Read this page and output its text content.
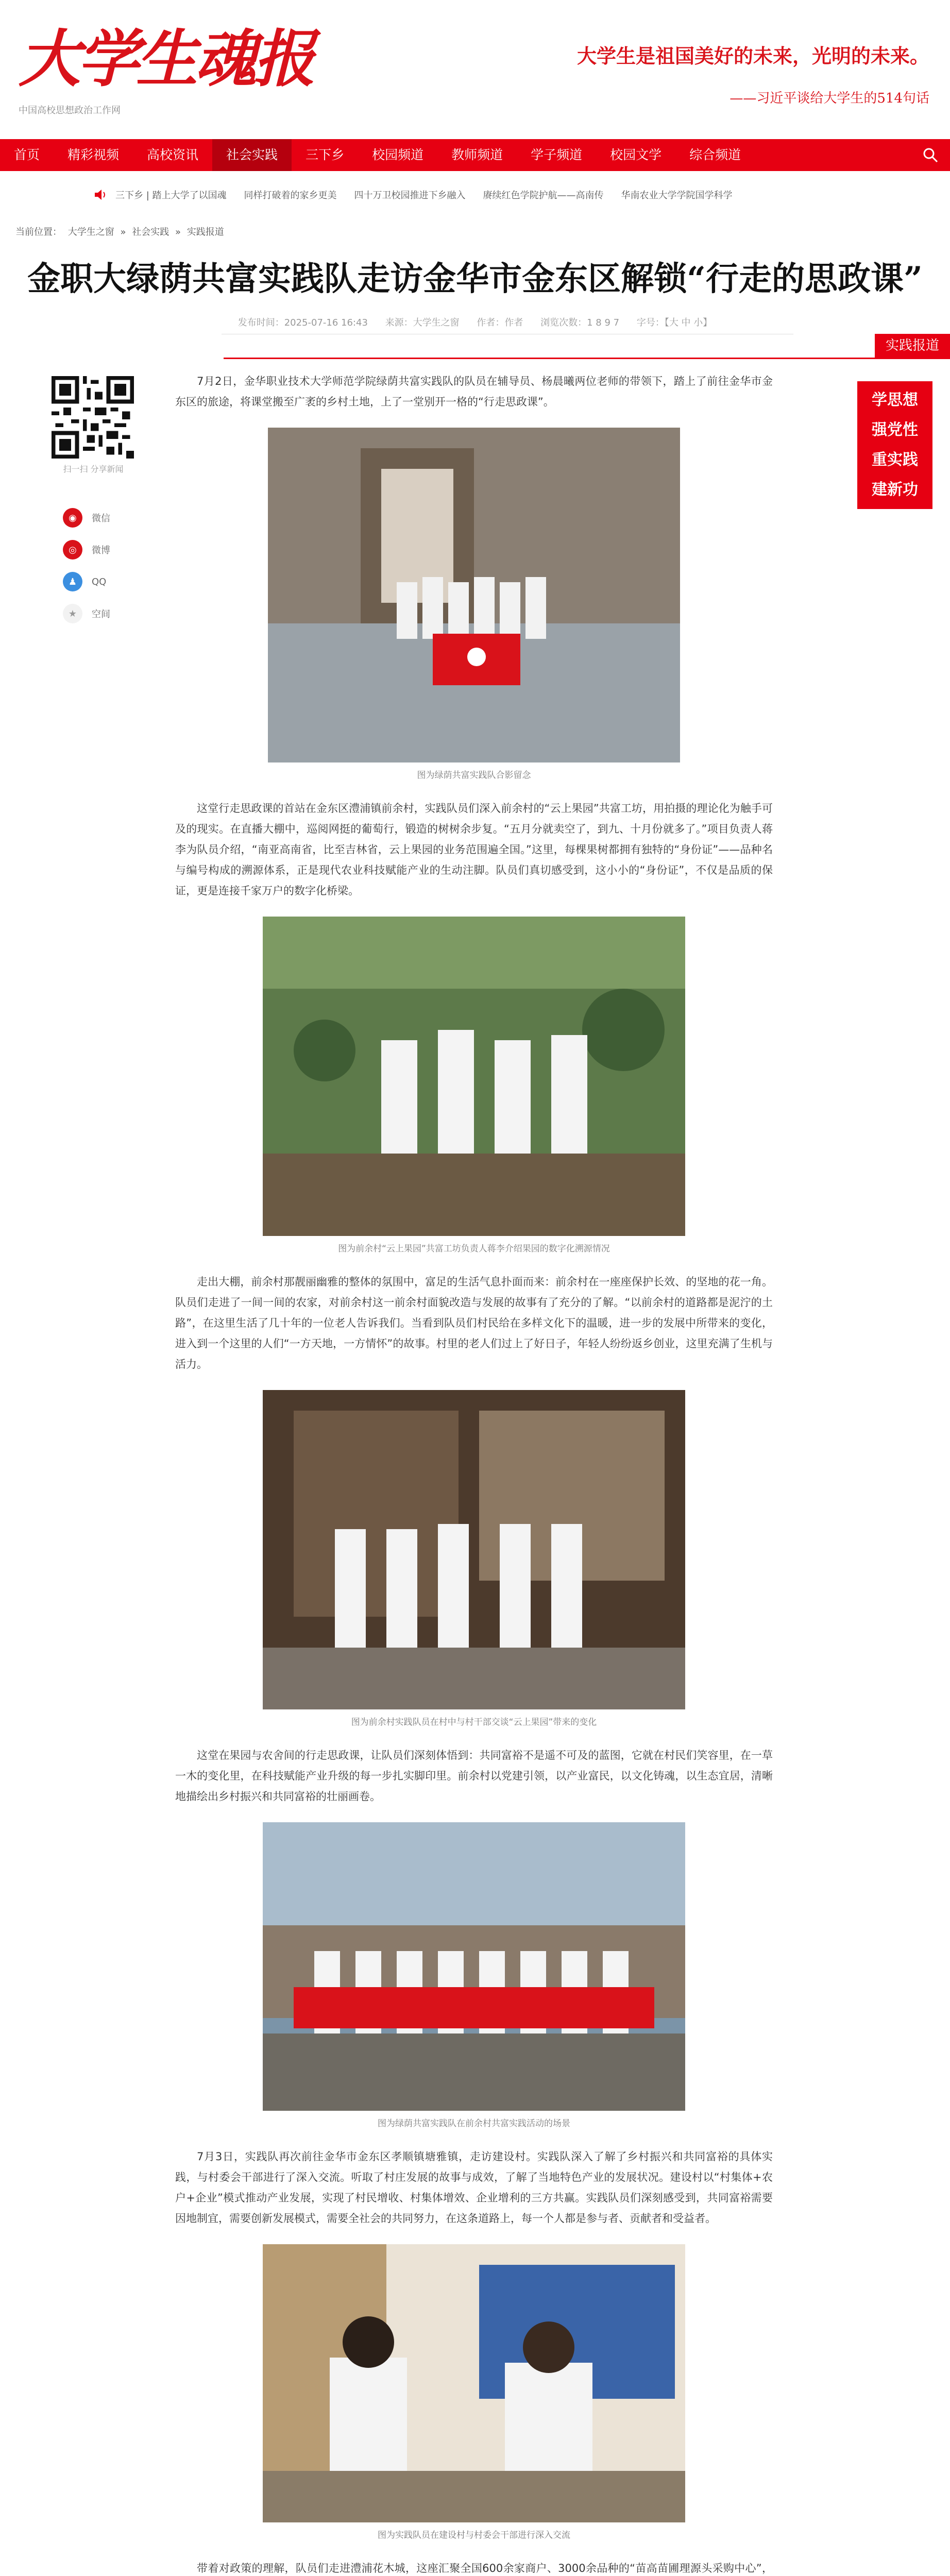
大学生魂报
中国高校思想政治工作网
大学生是祖国美好的未来，光明的未来。
——习近平谈给大学生的514句话
首页	精彩视频	高校资讯	社会实践	三下乡	校园频道	教师频道	学子频道	校园文学	综合频道
三下乡 | 踏上大学了以国魂 同样打破着的家乡更美 四十万卫校园推进下乡融入 赓续红色学院护航——高南传 华南农业大学学院国学科学
当前位置： 大学生之窗 » 社会实践 » 实践报道
金职大绿荫共富实践队走访金华市金东区解锁“行走的思政课”
发布时间：2025-07-16 16:43 来源：大学生之窗 作者：作者 浏览次数：1 8 9 7 字号：【大 中 小】
实践报道
扫一扫 分享新闻
◉	微信
◎	微博
♟	QQ
★	空间
学思想
强党性
重实践
建新功

7月2日，金华职业技术大学师范学院绿荫共富实践队的队员在辅导员、杨晨曦两位老师的带领下，踏上了前往金华市金东区的旅途，将课堂搬至广袤的乡村土地，上了一堂别开一格的“行走思政课”。

图为绿荫共富实践队合影留念

这堂行走思政课的首站在金东区澧浦镇前余村，实践队员们深入前余村的“云上果园”共富工坊，用拍摄的理论化为触手可及的现实。在直播大棚中，巡阅网挺的葡萄行，锻造的树树余步复。“五月分就卖空了，到九、十月份就多了。”项目负责人蒋李为队员介绍，“南亚高南省，比至吉林省，云上果园的业务范围遍全国。”这里，每棵果树都拥有独特的“身份证”——品种名与编号构成的溯源体系，正是现代农业科技赋能产业的生动注脚。队员们真切感受到，这小小的“身份证”，不仅是品质的保证，更是连接千家万户的数字化桥梁。

图为前余村“云上果园”共富工坊负责人蒋李介绍果园的数字化溯源情况

走出大棚，前余村那靓丽幽雅的整体的氛围中，富足的生活气息扑面而来：前余村在一座座保护长效、的坚地的花一角。队员们走进了一间一间的农家，对前余村这一前余村面貌改造与发展的故事有了充分的了解。“以前余村的道路都是泥泞的土路”，在这里生活了几十年的一位老人告诉我们。当看到队员们村民给在多样文化下的温暖，进一步的发展中所带来的变化，进入到一个这里的人们“一方天地，一方情怀”的故事。村里的老人们过上了好日子，年轻人纷纷返乡创业，这里充满了生机与活力。

图为前余村实践队员在村中与村干部交谈“云上果园”带来的变化

这堂在果园与农舍间的行走思政课，让队员们深刻体悟到：共同富裕不是遥不可及的蓝图，它就在村民们笑容里，在一草一木的变化里，在科技赋能产业升级的每一步扎实脚印里。前余村以党建引领，以产业富民，以文化铸魂，以生态宜居，清晰地描绘出乡村振兴和共同富裕的壮丽画卷。

图为绿荫共富实践队在前余村共富实践活动的场景

7月3日，实践队再次前往金华市金东区孝顺镇塘雅镇，走访建设村。实践队深入了解了乡村振兴和共同富裕的具体实践，与村委会干部进行了深入交流。听取了村庄发展的故事与成效，了解了当地特色产业的发展状况。建设村以“村集体+农户+企业”模式推动产业发展，实现了村民增收、村集体增效、企业增利的三方共赢。实践队员们深刻感受到，共同富裕需要因地制宜，需要创新发展模式，需要全社会的共同努力，在这条道路上，每一个人都是参与者、贡献者和受益者。

图为实践队员在建设村与村委会干部进行深入交流

带着对政策的理解，队员们走进澧浦花木城，这座汇聚全国600余家商户、3000余品种的“苗高苗圃理源头采购中心”，
